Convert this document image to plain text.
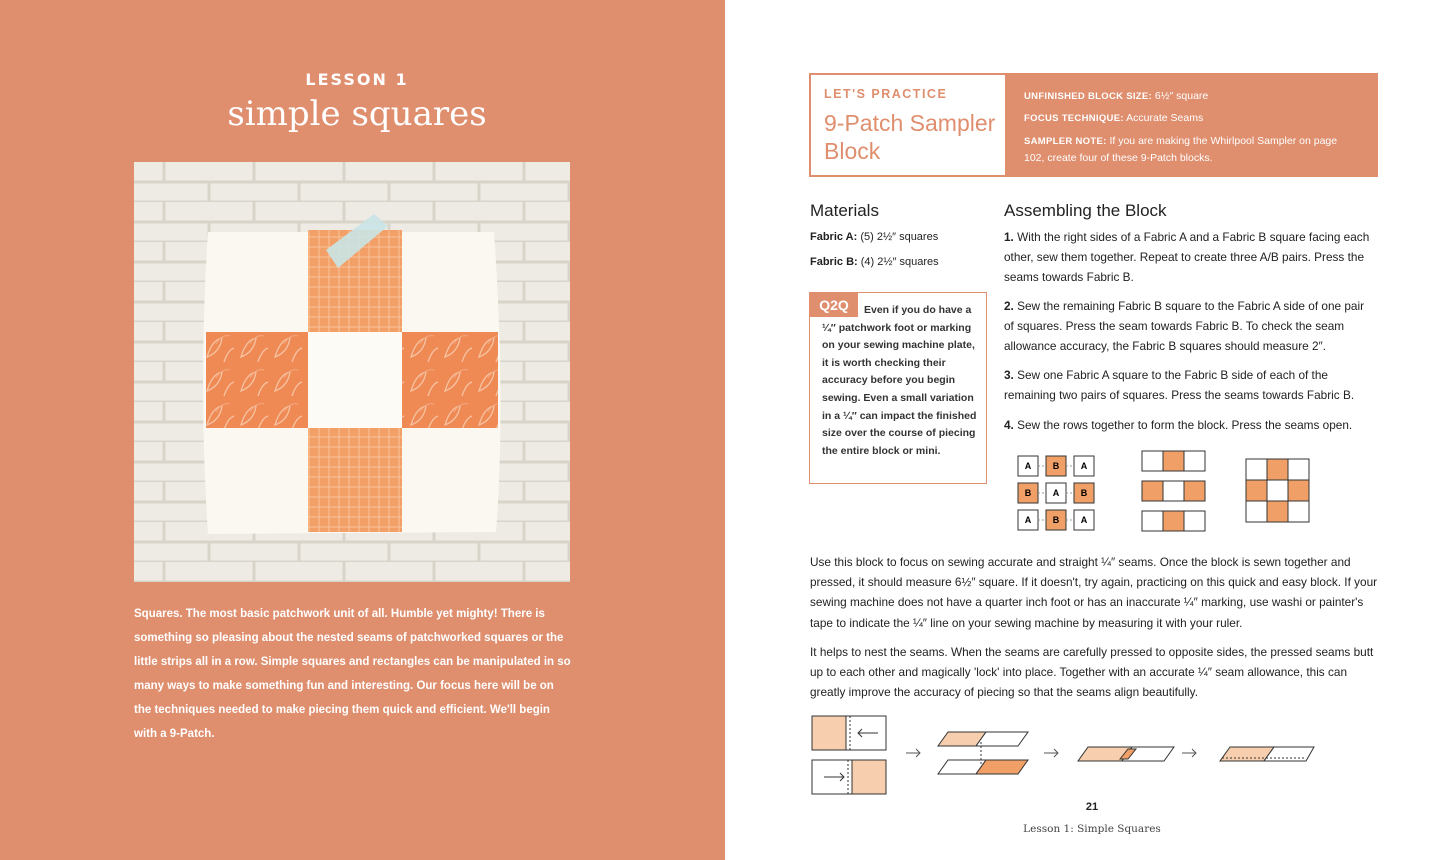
LESSON 1
simple squares
Squares. The most basic patchwork unit of all. Humble yet mighty! There is something so pleasing about the nested seams of patchworked squares or the little strips all in a row. Simple squares and rectangles can be manipulated in so many ways to make something fun and interesting. Our focus here will be on the techniques needed to make piecing them quick and efficient. We'll begin with a 9-Patch.
LET'S PRACTICE
9-Patch Sampler Block
UNFINISHED BLOCK SIZE: 6½″ square
FOCUS TECHNIQUE: Accurate Seams
SAMPLER NOTE: If you are making the Whirlpool Sampler on page 102, create four of these 9-Patch blocks.
Materials
Fabric A: (5) 2½″ squares
Fabric B: (4) 2½″ squares
Q2Q	Even if you do have a ¼″ patchwork foot or marking on your sewing machine plate, it is worth checking their accuracy before you begin sewing. Even a small variation in a ¼″ can impact the finished size over the course of piecing the entire block or mini.
Assembling the Block
1. With the right sides of a Fabric A and a Fabric B square facing each other, sew them together. Repeat to create three A/B pairs. Press the seams towards Fabric B.
2. Sew the remaining Fabric B square to the Fabric A side of one pair of squares. Press the seam towards Fabric B. To check the seam allowance accuracy, the Fabric B squares should measure 2″.
3. Sew one Fabric A square to the Fabric B side of each of the remaining two pairs of squares. Press the seams towards Fabric B.
4. Sew the rows together to form the block. Press the seams open.
A B A
B A B
A B A
Use this block to focus on sewing accurate and straight ¼″ seams. Once the block is sewn together and pressed, it should measure 6½″ square. If it doesn't, try again, practicing on this quick and easy block. If your sewing machine does not have a quarter inch foot or has an inaccurate ¼″ marking, use washi or painter's tape to indicate the ¼″ line on your sewing machine by measuring it with your ruler.
It helps to nest the seams. When the seams are carefully pressed to opposite sides, the pressed seams butt up to each other and magically 'lock' into place. Together with an accurate ¼″ seam allowance, this can greatly improve the accuracy of piecing so that the seams align beautifully.
21
Lesson 1: Simple Squares
